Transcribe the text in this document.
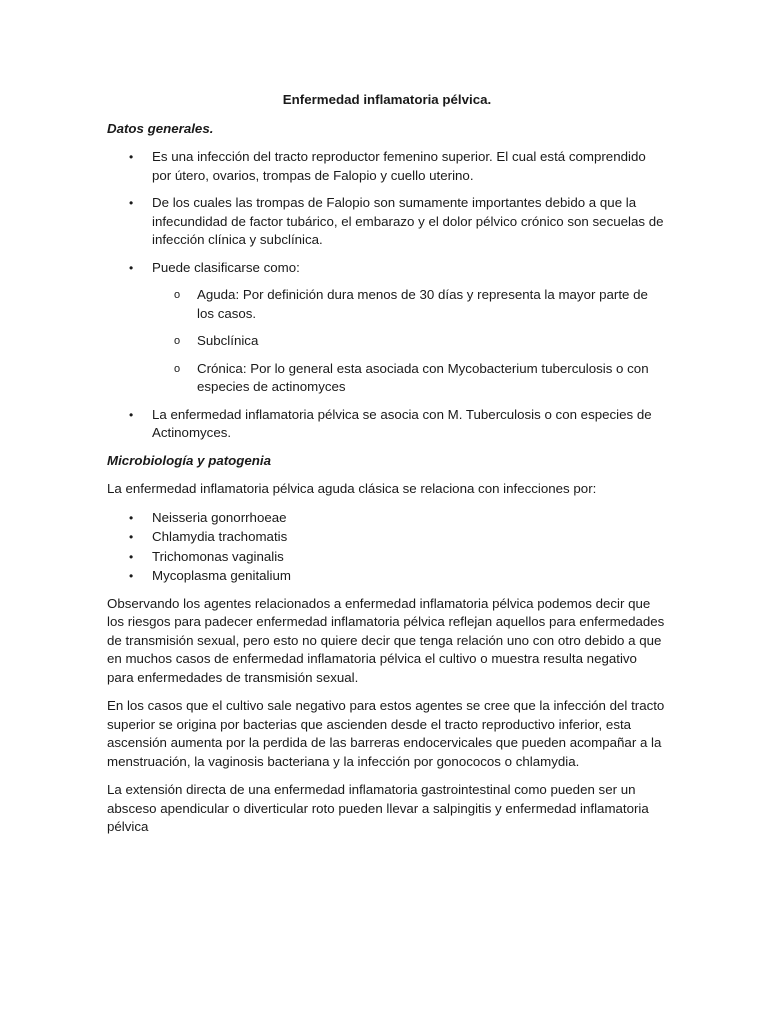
Enfermedad inflamatoria pélvica.
Datos generales.
• Es una infección del tracto reproductor femenino superior. El cual está comprendido por útero, ovarios, trompas de Falopio y cuello uterino.
• De los cuales las trompas de Falopio son sumamente importantes debido a que la infecundidad de factor tubárico, el embarazo y el dolor pélvico crónico son secuelas de infección clínica y subclínica.
• Puede clasificarse como:
o Aguda: Por definición dura menos de 30 días y representa la mayor parte de los casos.
o Subclínica
o Crónica: Por lo general esta asociada con Mycobacterium tuberculosis o con especies de actinomyces
• La enfermedad inflamatoria pélvica se asocia con M. Tuberculosis o con especies de Actinomyces.
Microbiología y patogenia

La enfermedad inflamatoria pélvica aguda clásica se relaciona con infecciones por:

• Neisseria gonorrhoeae
• Chlamydia trachomatis
• Trichomonas vaginalis
• Mycoplasma genitalium

Observando los agentes relacionados a enfermedad inflamatoria pélvica podemos decir que los riesgos para padecer enfermedad inflamatoria pélvica reflejan aquellos para enfermedades de transmisión sexual, pero esto no quiere decir que tenga relación uno con otro debido a que en muchos casos de enfermedad inflamatoria pélvica el cultivo o muestra resulta negativo para enfermedades de transmisión sexual.

En los casos que el cultivo sale negativo para estos agentes se cree que la infección del tracto superior se origina por bacterias que ascienden desde el tracto reproductivo inferior, esta ascensión aumenta por la perdida de las barreras endocervicales que pueden acompañar a la menstruación, la vaginosis bacteriana y la infección por gonococos o chlamydia.

La extensión directa de una enfermedad inflamatoria gastrointestinal como pueden ser un absceso apendicular o diverticular roto pueden llevar a salpingitis y enfermedad inflamatoria pélvica
